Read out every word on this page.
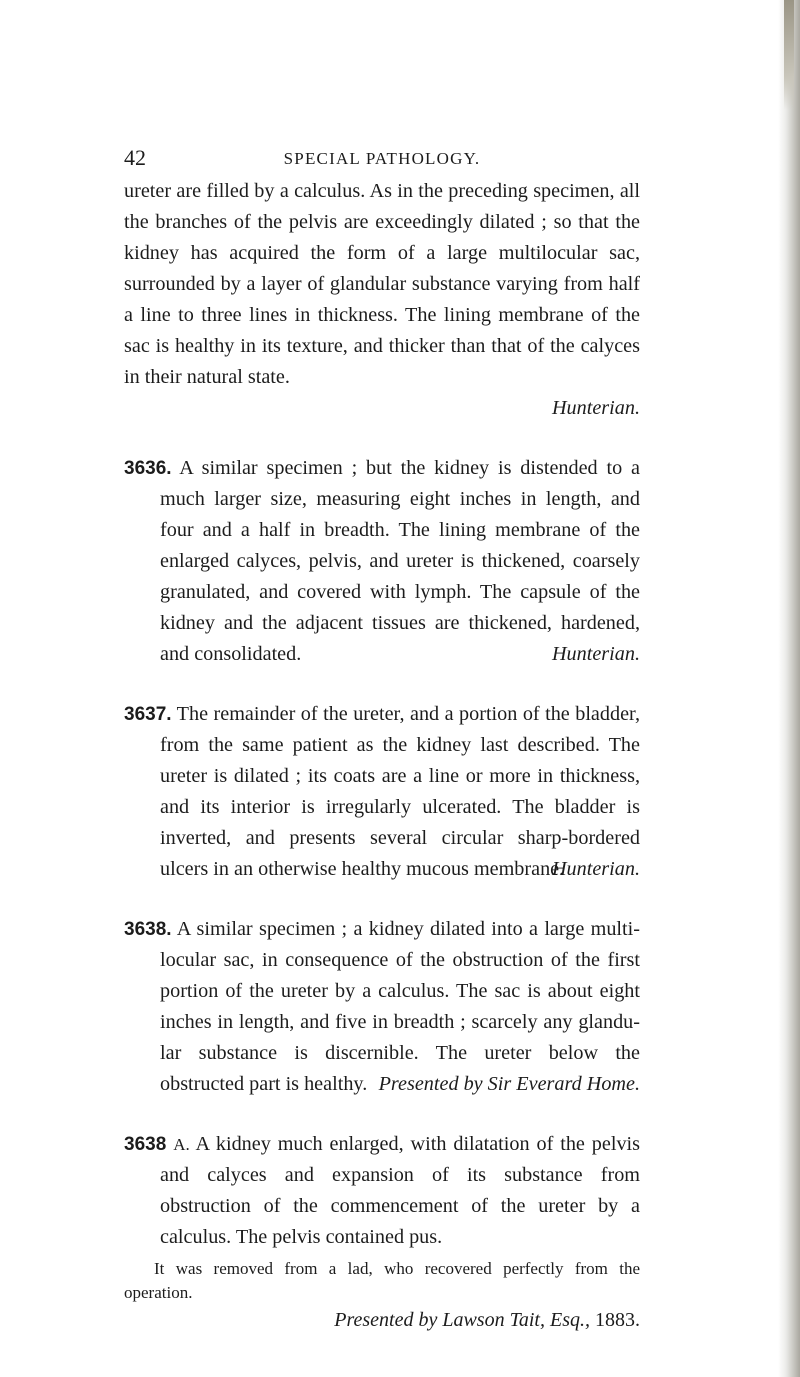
42	SPECIAL PATHOLOGY.

ureter are filled by a calculus. As in the preceding specimen, all the branches of the pelvis are exceedingly dilated ; so that the kidney has acquired the form of a large multilocular sac, surrounded by a layer of glandular substance varying from half a line to three lines in thickness. The lining membrane of the sac is healthy in its texture, and thicker than that of the calyces in their natural state.
Hunterian.

3636. A similar specimen ; but the kidney is distended to a much larger size, measuring eight inches in length, and four and a half in breadth. The lining membrane of the enlarged calyces, pelvis, and ureter is thickened, coarsely granulated, and covered with lymph. The capsule of the kidney and the adjacent tissues are thickened, hardened, and consolidated.	Hunterian.

3637. The remainder of the ureter, and a portion of the bladder, from the same patient as the kidney last described. The ureter is dilated ; its coats are a line or more in thickness, and its interior is irregularly ulcerated. The bladder is inverted, and presents several circular sharp-bordered ulcers in an otherwise healthy mucous membrane.
Hunterian.

3638. A similar specimen ; a kidney dilated into a large multilocular sac, in consequence of the obstruction of the first portion of the ureter by a calculus. The sac is about eight inches in length, and five in breadth ; scarcely any glandular substance is discernible. The ureter below the obstructed part is healthy. Presented by Sir Everard Home.

3638 A. A kidney much enlarged, with dilatation of the pelvis and calyces and expansion of its substance from obstruction of the commencement of the ureter by a calculus. The pelvis contained pus.

It was removed from a lad, who recovered perfectly from the operation.

Presented by Lawson Tait, Esq., 1883.
